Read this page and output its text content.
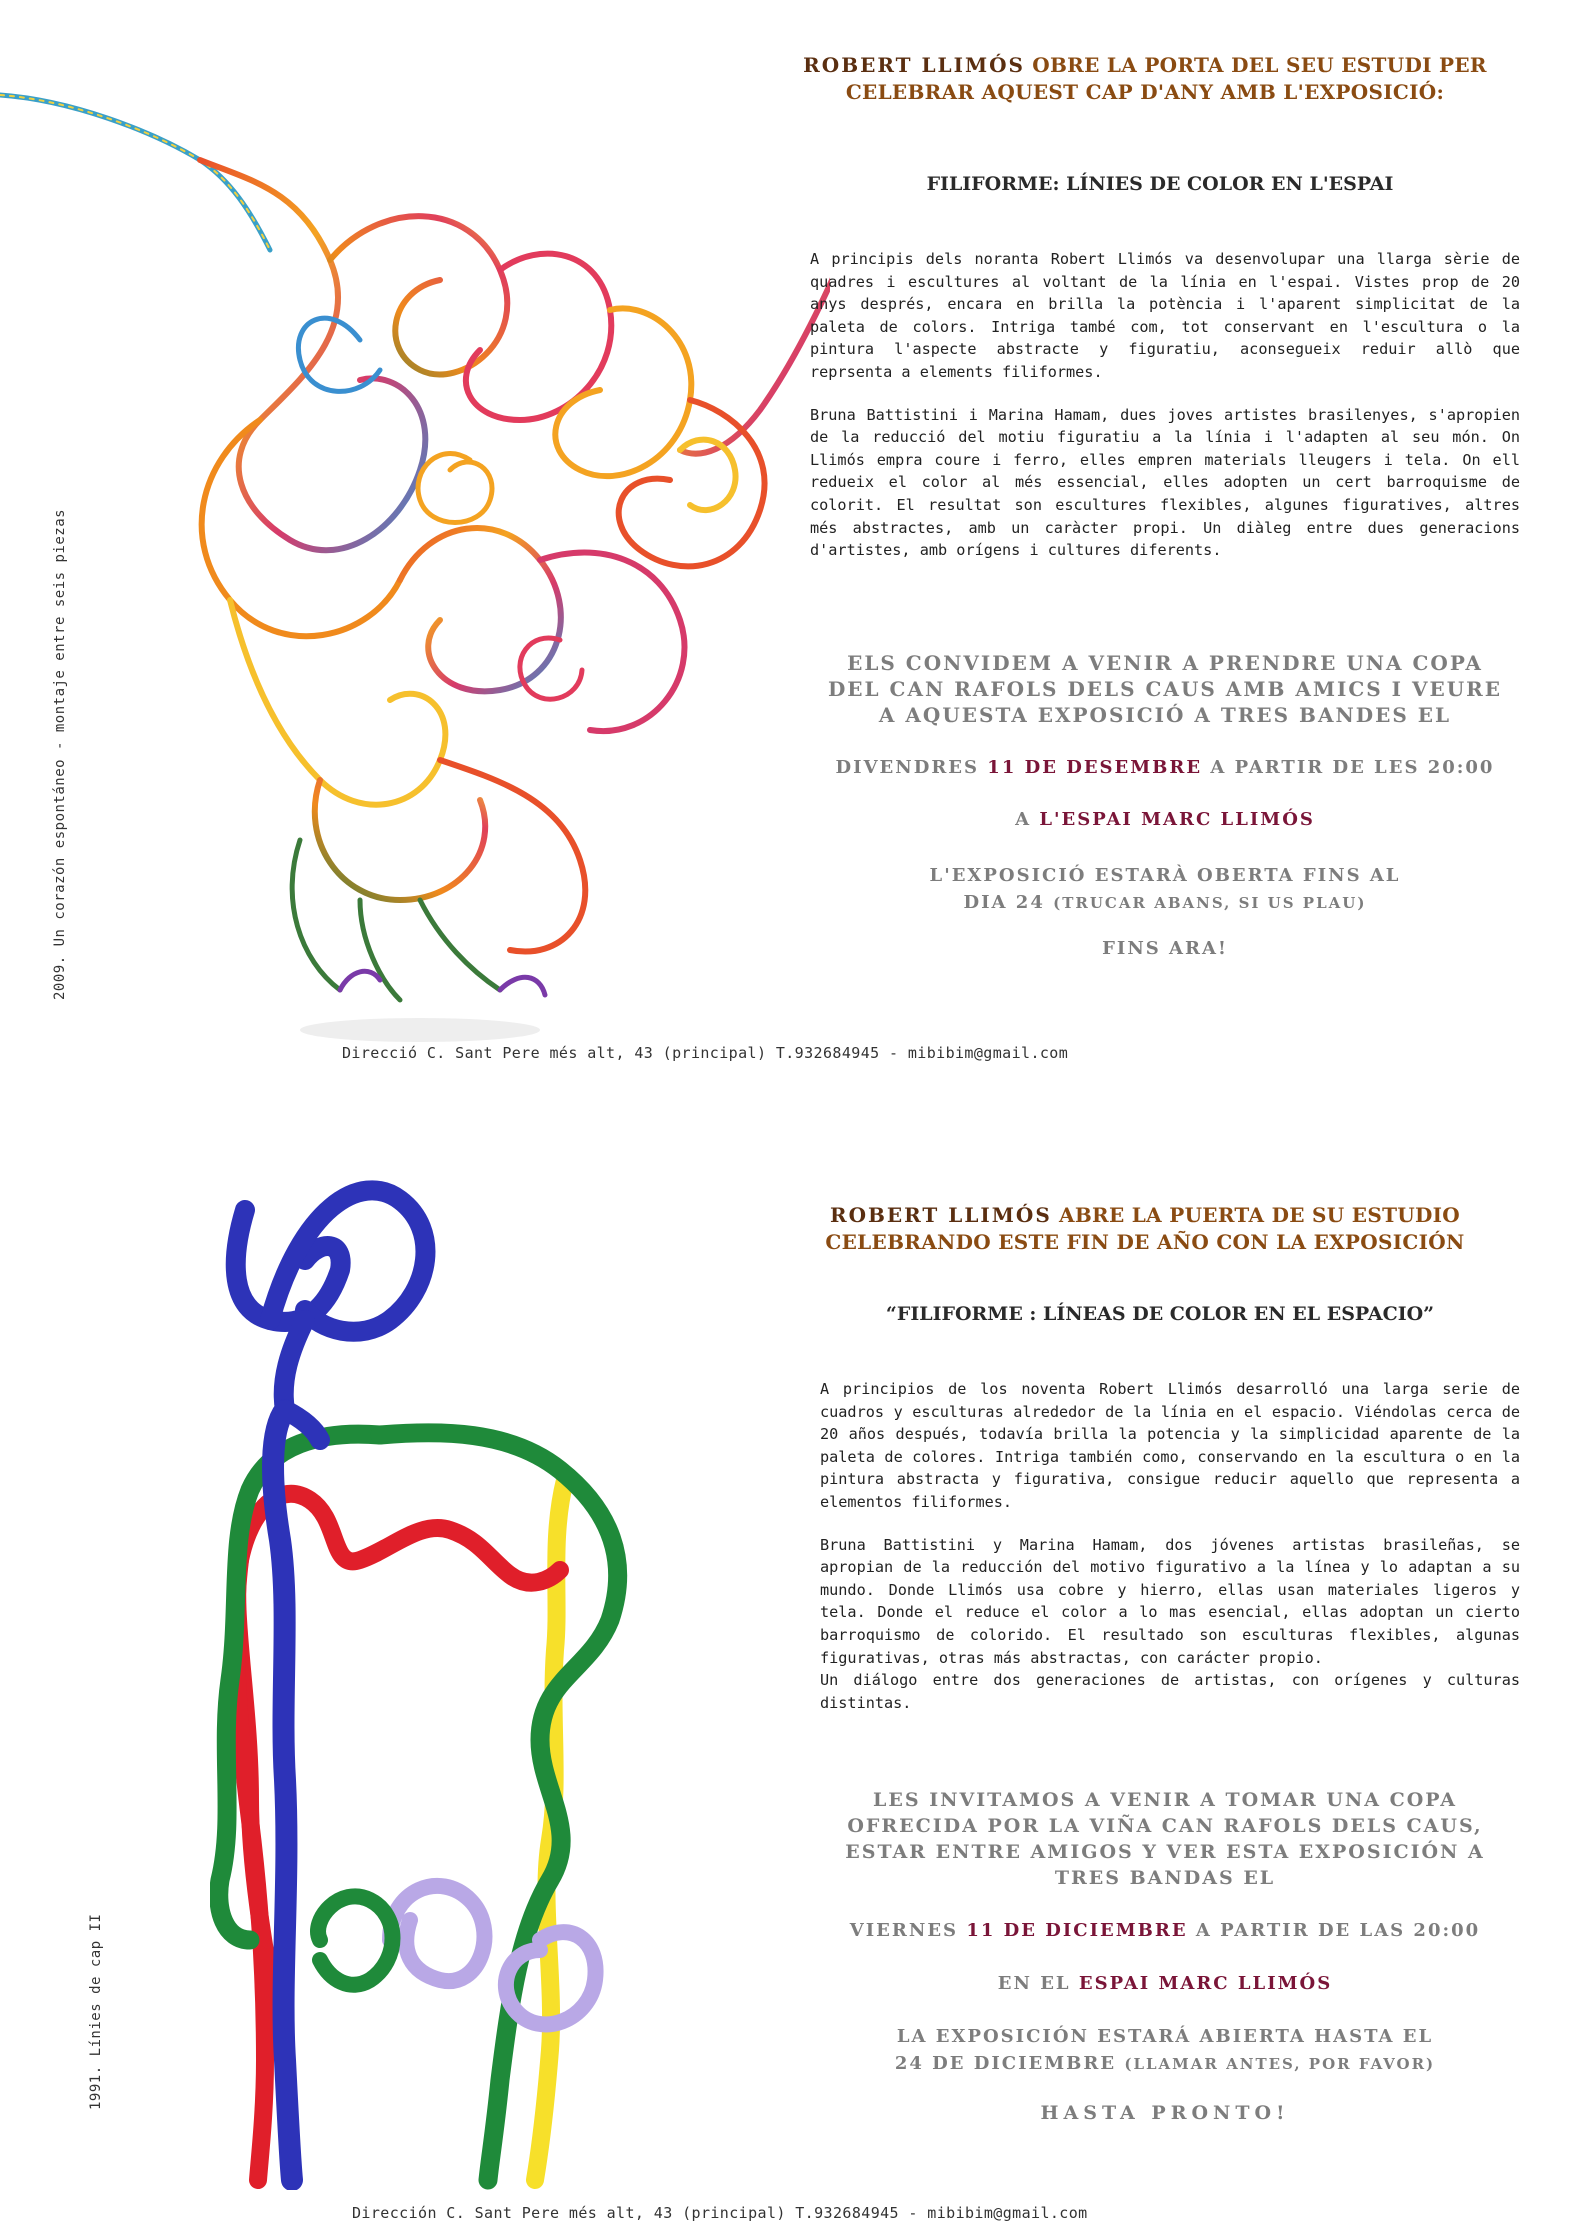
2009. Un corazón espontáneo - montaje entre seis piezas
ROBERT LLIMÓS OBRE LA PORTA DEL SEU ESTUDI PER
CELEBRAR AQUEST CAP D'ANY AMB L'EXPOSICIÓ:
FILIFORME: LÍNIES DE COLOR EN L'ESPAI

A principis dels noranta Robert Llimós va desenvolupar una llarga sèrie de quadres i escultures al voltant de la línia en l'espai. Vistes prop de 20 anys després, encara en brilla la potència i l'aparent simplicitat de la paleta de colors. Intriga també com, tot conservant en l'escultura o la pintura l'aspecte abstracte y figuratiu, aconsegueix reduir allò que reprsenta a elements filiformes.

Bruna Battistini i Marina Hamam, dues joves artistes brasilenyes, s'apropien de la reducció del motiu figuratiu a la línia i l'adapten al seu món. On Llimós empra coure i ferro, elles empren materials lleugers i tela. On ell redueix el color al més essencial, elles adopten un cert barroquisme de colorit. El resultat son escultures flexibles, algunes figuratives, altres més abstractes, amb un caràcter propi. Un diàleg entre dues generacions d'artistes, amb orígens i cultures diferents.

ELS CONVIDEM A VENIR A PRENDRE UNA COPA DEL CAN RAFOLS DELS CAUS AMB AMICS I VEURE A AQUESTA EXPOSICIÓ A TRES BANDES EL
DIVENDRES 11 DE DESEMBRE A PARTIR DE LES 20:00
A L'ESPAI MARC LLIMÓS
L'EXPOSICIÓ ESTARÀ OBERTA FINS AL
DIA 24 (TRUCAR ABANS, SI US PLAU)
FINS ARA!
Direcció C. Sant Pere més alt, 43 (principal) T.932684945 - mibibim@gmail.com
1991. Línies de cap II
ROBERT LLIMÓS ABRE LA PUERTA DE SU ESTUDIO
CELEBRANDO ESTE FIN DE AÑO CON LA EXPOSICIÓN
“FILIFORME : LÍNEAS DE COLOR EN EL ESPACIO”

A principios de los noventa Robert Llimós desarrolló una larga serie de cuadros y esculturas alrededor de la línia en el espacio. Viéndolas cerca de 20 años después, todavía brilla la potencia y la simplicidad aparente de la paleta de colores. Intriga también como, conservando en la escultura o en la pintura abstracta y figurativa, consigue reducir aquello que representa a elementos filiformes.

Bruna Battistini y Marina Hamam, dos jóvenes artistas brasileñas, se apropian de la reducción del motivo figurativo a la línea y lo adaptan a su mundo. Donde Llimós usa cobre y hierro, ellas usan materiales ligeros y tela. Donde el reduce el color a lo mas esencial, ellas adoptan un cierto barroquismo de colorido. El resultado son esculturas flexibles, algunas figurativas, otras más abstractas, con carácter propio.

Un diálogo entre dos generaciones de artistas, con orígenes y culturas distintas.

LES INVITAMOS A VENIR A TOMAR UNA COPA OFRECIDA POR LA VIÑA CAN RAFOLS DELS CAUS, ESTAR ENTRE AMIGOS Y VER ESTA EXPOSICIÓN A TRES BANDAS EL
VIERNES 11 DE DICIEMBRE A PARTIR DE LAS 20:00
EN EL ESPAI MARC LLIMÓS
LA EXPOSICIÓN ESTARÁ ABIERTA HASTA EL
24 DE DICIEMBRE (LLAMAR ANTES, POR FAVOR)
HASTA PRONTO!
Dirección C. Sant Pere més alt, 43 (principal) T.932684945 - mibibim@gmail.com
